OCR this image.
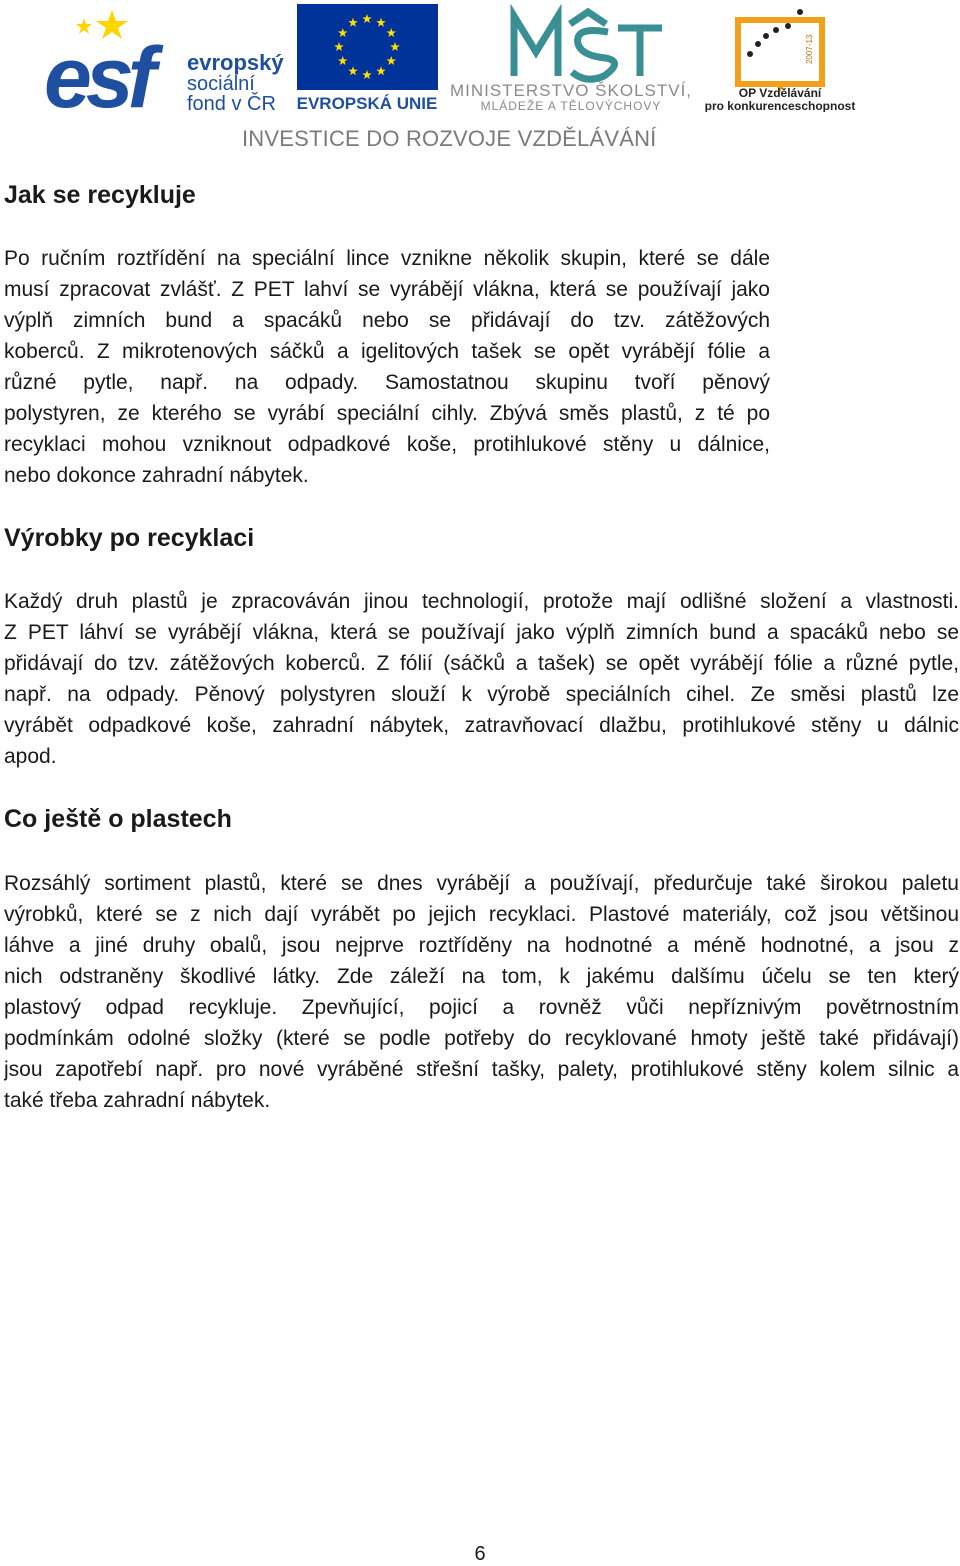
esf	evropský
sociální
fond v ČR EVROPSKÁ UNIE
MINISTERSTVO ŠKOLSTVÍ,
MLÁDEŽE A TĚLOVÝCHOVY
2007-13
OP Vzdělávání
pro konkurenceschopnost
INVESTICE DO ROZVOJE VZDĚLÁVÁNÍ
Jak se recykluje
Po ručním roztřídění na speciální lince vznikne několik skupin, které se dále
musí zpracovat zvlášť. Z PET lahví se vyrábějí vlákna, která se používají jako
výplň zimních bund a spacáků nebo se přidávají do tzv. zátěžových
koberců. Z mikrotenových sáčků a igelitových tašek se opět vyrábějí fólie a
různé pytle, např. na odpady. Samostatnou skupinu tvoří pěnový
polystyren, ze kterého se vyrábí speciální cihly. Zbývá směs plastů, z té po
recyklaci mohou vzniknout odpadkové koše, protihlukové stěny u dálnice,
nebo dokonce zahradní nábytek.
Výrobky po recyklaci
Každý druh plastů je zpracováván jinou technologií, protože mají odlišné složení a vlastnosti.
Z PET láhví se vyrábějí vlákna, která se používají jako výplň zimních bund a spacáků nebo se
přidávají do tzv. zátěžových koberců. Z fólií (sáčků a tašek) se opět vyrábějí fólie a různé pytle,
např. na odpady. Pěnový polystyren slouží k výrobě speciálních cihel. Ze směsi plastů lze
vyrábět odpadkové koše, zahradní nábytek, zatravňovací dlažbu, protihlukové stěny u dálnic
apod.
Co ještě o plastech
Rozsáhlý sortiment plastů, které se dnes vyrábějí a používají, předurčuje také širokou paletu
výrobků, které se z nich dají vyrábět po jejich recyklaci. Plastové materiály, což jsou většinou
láhve a jiné druhy obalů, jsou nejprve roztříděny na hodnotné a méně hodnotné, a jsou z
nich odstraněny škodlivé látky. Zde záleží na tom, k jakému dalšímu účelu se ten který
plastový odpad recykluje. Zpevňující, pojicí a rovněž vůči nepříznivým povětrnostním
podmínkám odolné složky (které se podle potřeby do recyklované hmoty ještě také přidávají)
jsou zapotřebí např. pro nové vyráběné střešní tašky, palety, protihlukové stěny kolem silnic a
také třeba zahradní nábytek.
6
